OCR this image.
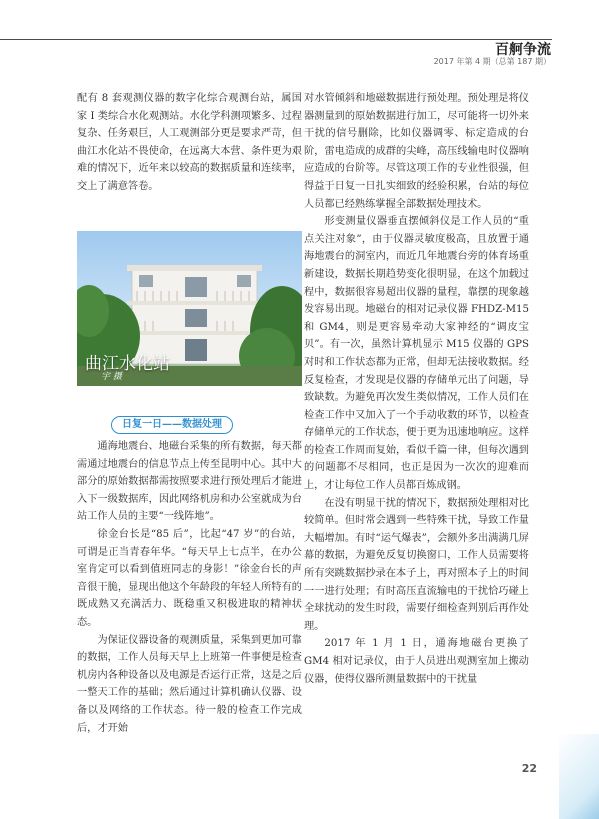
百舸争流
2017 年第 4 期（总第 187 期）

配有 8 套观测仪器的数字化综合观测台站，属国家 I 类综合水化观测站。水化学科测项繁多、过程复杂、任务艰巨，人工观测部分更是要求严苛，但曲江水化站不畏使命，在远离大本营、条件更为艰难的情况下，近年来以较高的数据质量和连续率，交上了满意答卷。

曲江水化站
宇 摄
日复一日——数据处理

通海地震台、地磁台采集的所有数据，每天都需通过地震台的信息节点上传至昆明中心。其中大部分的原始数据都需按照要求进行预处理后才能进入下一级数据库，因此网络机房和办公室就成为台站工作人员的主要“一线阵地”。

徐金台长是“85 后”，比起“47 岁”的台站，可谓是正当青春年华。“每天早上七点半，在办公室肯定可以看到值班同志的身影！”徐金台长的声音很干脆，显现出他这个年龄段的年轻人所特有的既成熟又充满活力、既稳重又积极进取的精神状态。

为保证仪器设备的观测质量，采集到更加可靠的数据，工作人员每天早上上班第一件事便是检查机房内各种设备以及电源是否运行正常，这是之后一整天工作的基础；然后通过计算机确认仪器、设备以及网络的工作状态。待一般的检查工作完成后，才开始

对水管倾斜和地磁数据进行预处理。预处理是将仪器测量到的原始数据进行加工，尽可能将一切外来干扰的信号删除，比如仪器调零、标定造成的台阶，雷电造成的成群的尖峰，高压线输电时仪器响应造成的台阶等。尽管这项工作的专业性很强，但得益于日复一日扎实细致的经验积累，台站的每位人员都已经熟练掌握全部数据处理技术。

形变测量仪器垂直摆倾斜仪是工作人员的“重点关注对象”，由于仪器灵敏度极高，且放置于通海地震台的洞室内，而近几年地震台旁的体育场重新建设，数据长期趋势变化很明显，在这个加载过程中，数据很容易超出仪器的量程，靠摆的现象越发容易出现。地磁台的相对记录仪器 FHDZ-M15 和 GM4，则是更容易牵动大家神经的“调皮宝贝”。有一次，虽然计算机显示 M15 仪器的 GPS 对时和工作状态都为正常，但却无法接收数据。经反复检查，才发现是仪器的存储单元出了问题，导致缺数。为避免再次发生类似情况，工作人员们在检查工作中又加入了一个手动收数的环节，以检查存储单元的工作状态，便于更为迅速地响应。这样的检查工作周而复始，看似千篇一律，但每次遇到的问题都不尽相同，也正是因为一次次的迎难而上，才让每位工作人员都百炼成钢。

在没有明显干扰的情况下，数据预处理相对比较简单。但时常会遇到一些特殊干扰，导致工作量大幅增加。有时“运气爆表”，会额外多出满满几屏幕的数据，为避免反复切换窗口，工作人员需要将所有突跳数据抄录在本子上，再对照本子上的时间一一进行处理；有时高压直流输电的干扰恰巧碰上全球扰动的发生时段，需要仔细检查判别后再作处理。

2017 年 1 月 1 日，通海地磁台更换了 GM4 相对记录仪，由于人员进出观测室加上搬动仪器，使得仪器所测量数据中的干扰量

22
